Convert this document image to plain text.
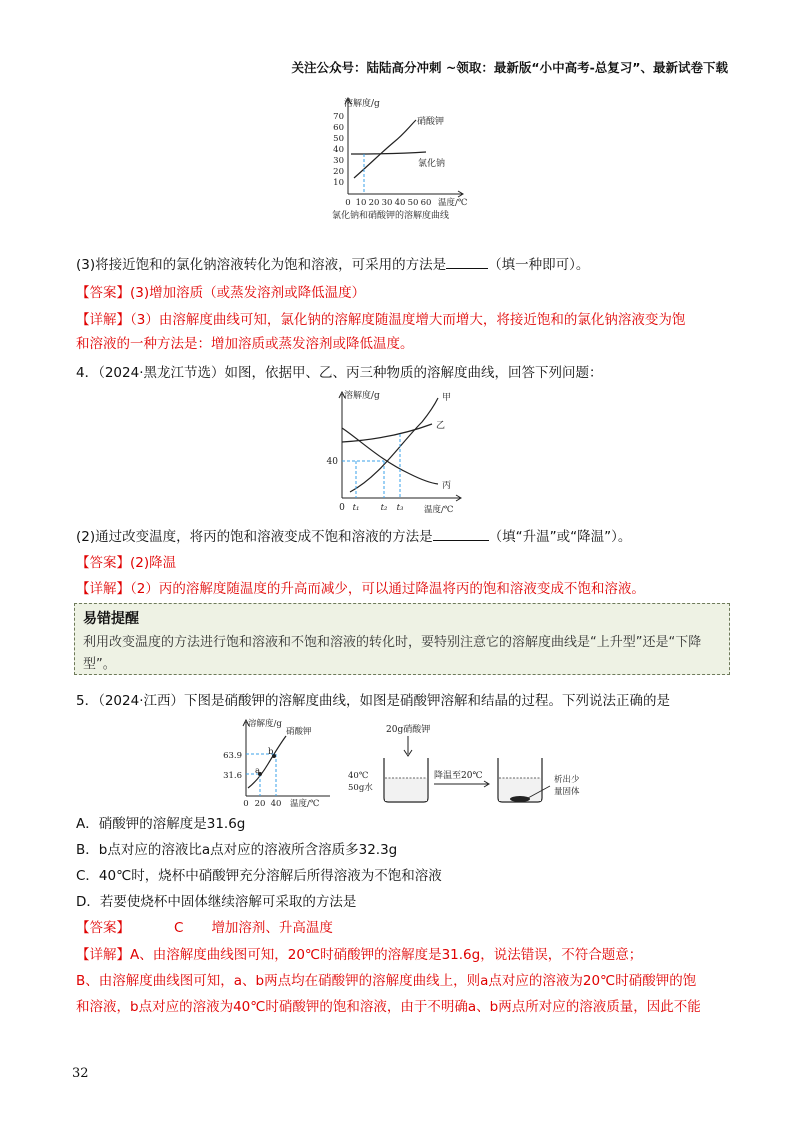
关注公众号：陆陆高分冲刺 ~领取：最新版“小中高考-总复习”、最新试卷下载
70
60
50
40
30
20
10
0 10 20 30 40 50 60
溶解度/g
温度/℃
硝酸钾
氯化钠
氯化钠和硝酸钾的溶解度曲线
(3)将接近饱和的氯化钠溶液转化为饱和溶液，可采用的方法是	（填一种即可）。
【答案】(3)增加溶质（或蒸发溶剂或降低温度）
【详解】（3）由溶解度曲线可知，氯化钠的溶解度随温度增大而增大，将接近饱和的氯化钠溶液变为饱
和溶液的一种方法是：增加溶质或蒸发溶剂或降低温度。
4．（2024·黑龙江节选）如图，依据甲、乙、丙三种物质的溶解度曲线，回答下列问题：
溶解度/g
40
0 t₁ t₂ t₃ 温度/℃
甲
乙
丙
(2)通过改变温度，将丙的饱和溶液变成不饱和溶液的方法是	（填“升温”或“降温”）。
【答案】(2)降温
【详解】（2）丙的溶解度随温度的升高而减少，可以通过降温将丙的饱和溶液变成不饱和溶液。
易错提醒
利用改变温度的方法进行饱和溶液和不饱和溶液的转化时，要特别注意它的溶解度曲线是“上升型”还是“下降型”。
5．（2024·江西）下图是硝酸钾的溶解度曲线，如图是硝酸钾溶解和结晶的过程。下列说法正确的是
溶解度/g
63.9
31.6
0 20 40 温度/℃
a
b
硝酸钾	20g硝酸钾
40℃
50g水
降温至20℃	析出少
量固体
A．硝酸钾的溶解度是31.6g
B．b点对应的溶液比a点对应的溶液所含溶质多32.3g
C．40℃时，烧杯中硝酸钾充分溶解后所得溶液为不饱和溶液
D．若要使烧杯中固体继续溶解可采取的方法是
【答案】	C 增加溶剂、升高温度
【详解】A、由溶解度曲线图可知，20℃时硝酸钾的溶解度是31.6g，说法错误，不符合题意；
B、由溶解度曲线图可知，a、b两点均在硝酸钾的溶解度曲线上，则a点对应的溶液为20℃时硝酸钾的饱
和溶液，b点对应的溶液为40℃时硝酸钾的饱和溶液，由于不明确a、b两点所对应的溶液质量，因此不能
32
